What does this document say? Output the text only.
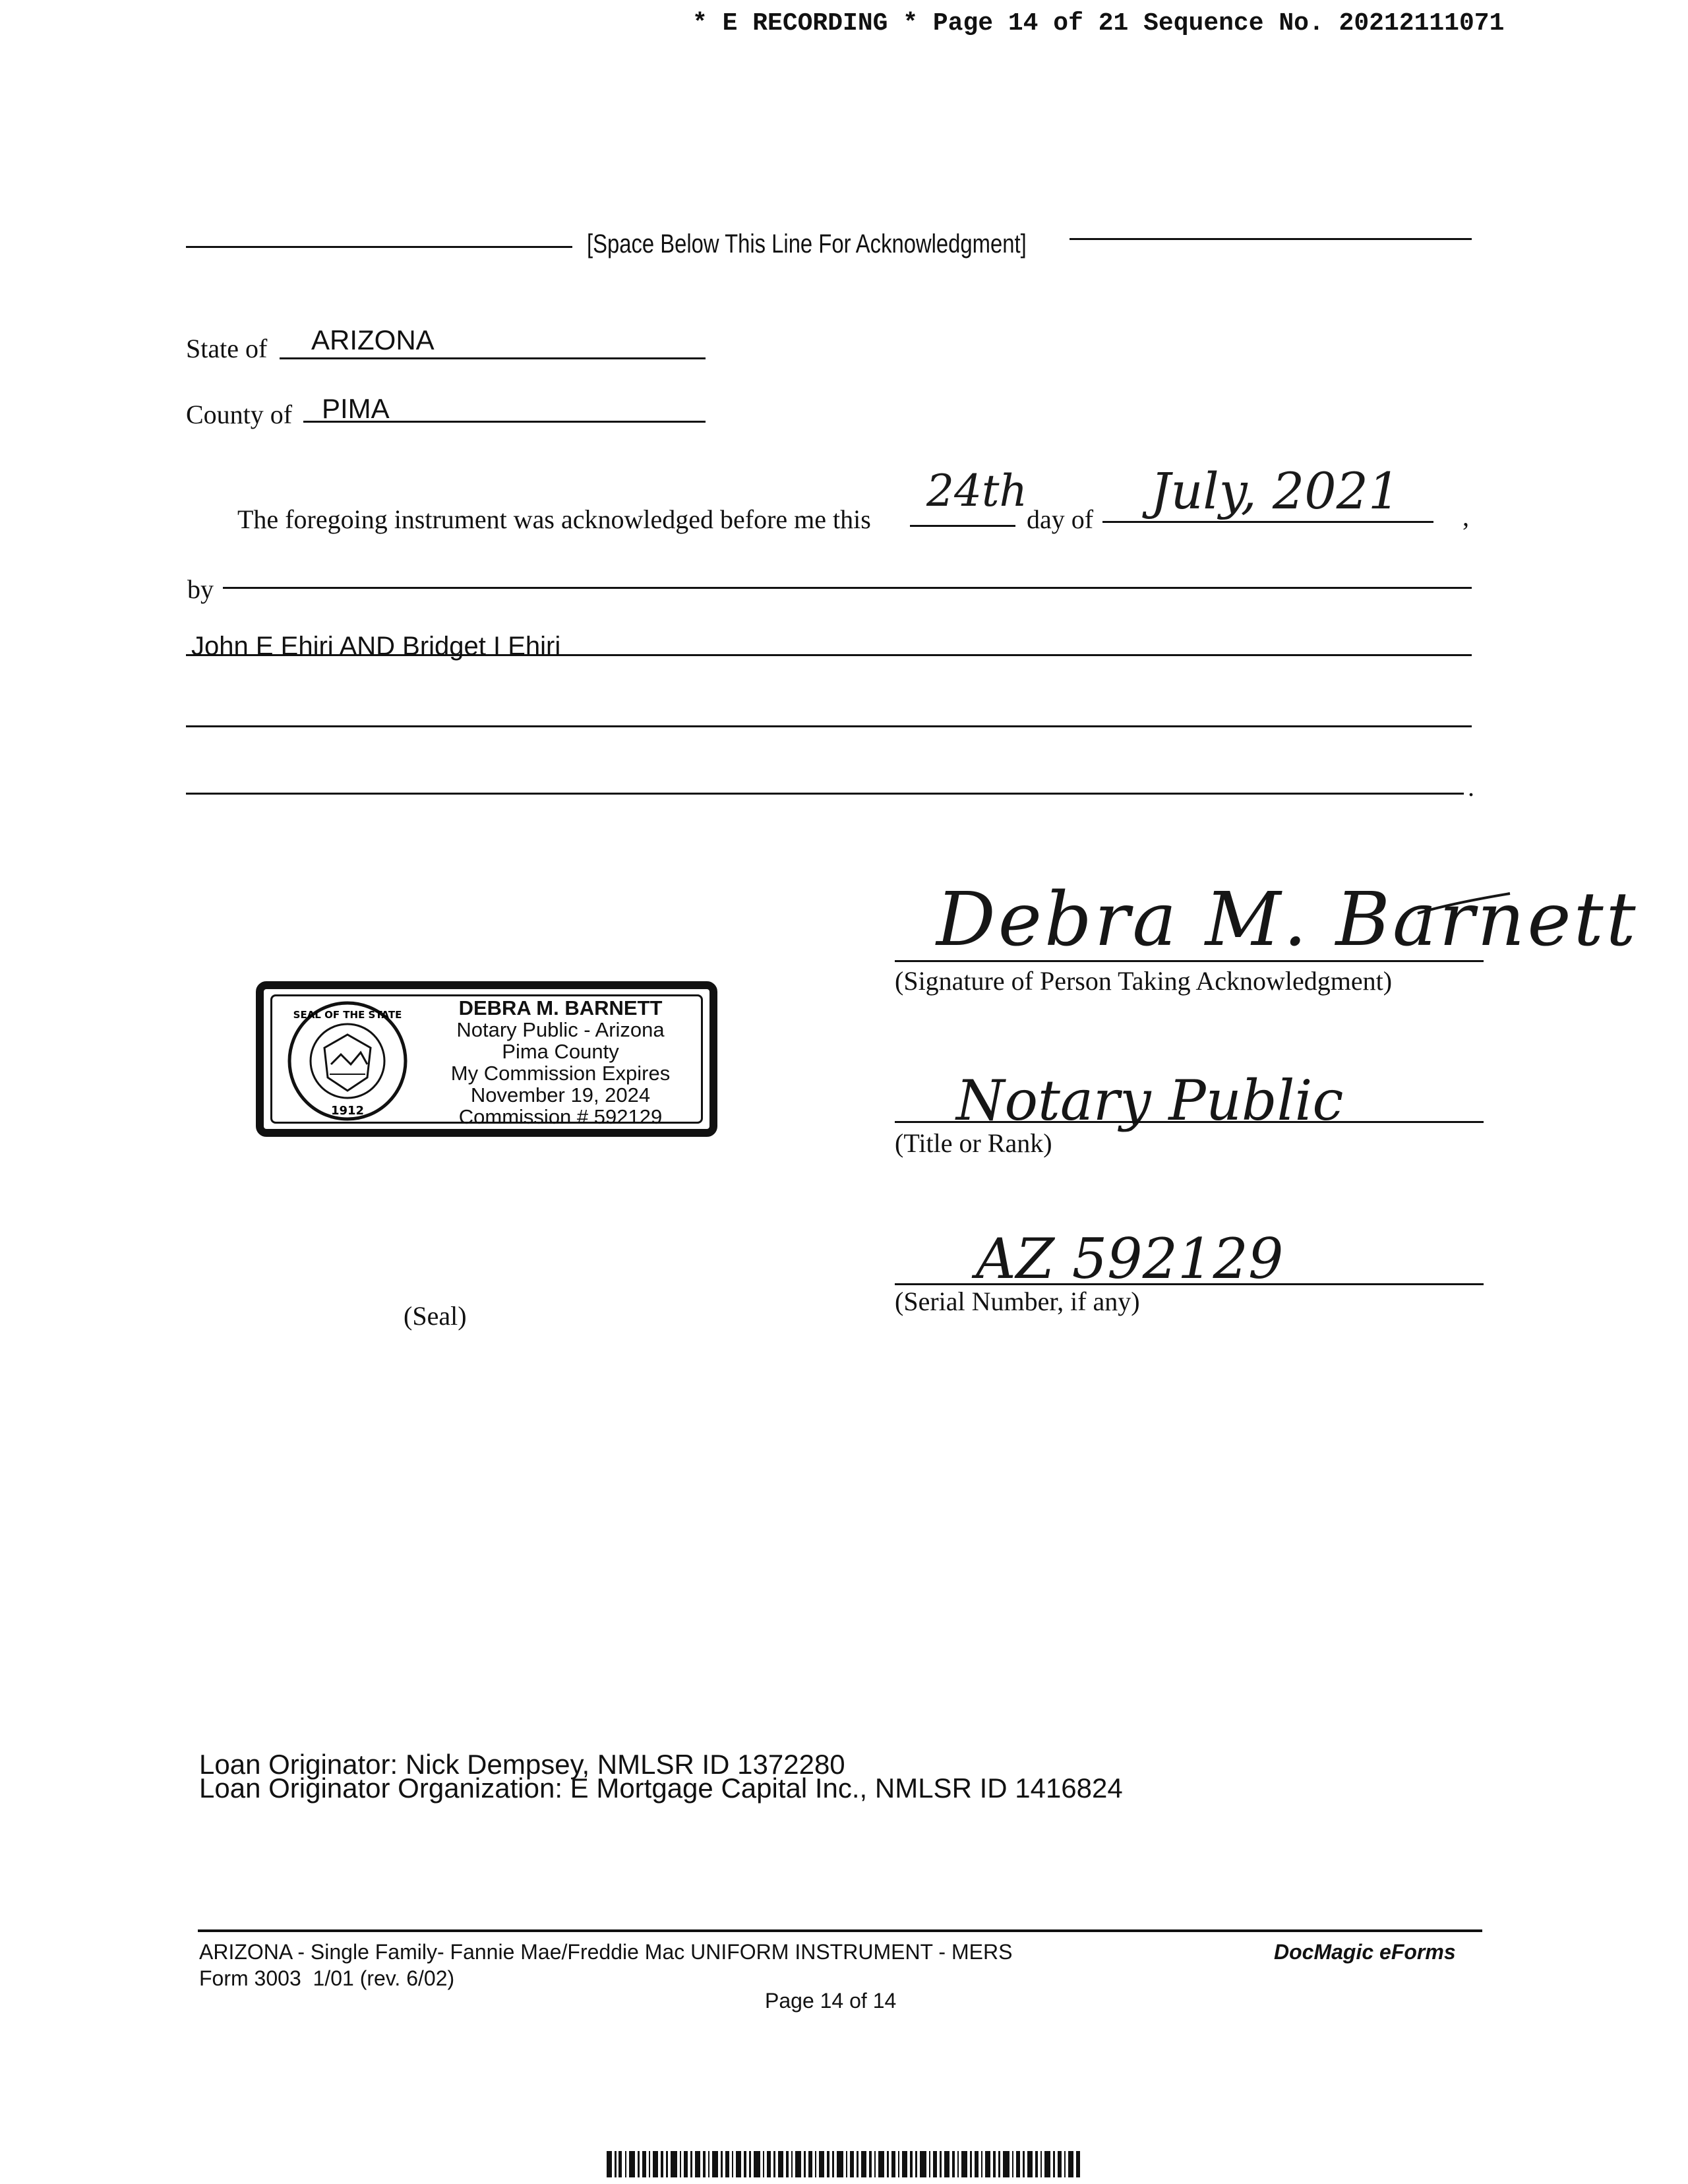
* E RECORDING * Page 14 of 21 Sequence No. 20212111071
[Space Below This Line For Acknowledgment]
State of ARIZONA
County of PIMA
The foregoing instrument was acknowledged before me this
24th
day of July, 2021 ,
by
John E Ehiri AND Bridget I Ehiri
.
Debra M. Barnett
(Signature of Person Taking Acknowledgment)
Notary Public
(Title or Rank)
AZ 592129
(Serial Number, if any)
SEAL OF THE STATE
1912
DEBRA M. BARNETT
Notary Public - Arizona
Pima County
My Commission Expires
November 19, 2024
Commission # 592129
(Seal)
Loan Originator: Nick Dempsey, NMLSR ID 1372280
Loan Originator Organization: E Mortgage Capital Inc., NMLSR ID 1416824
ARIZONA - Single Family- Fannie Mae/Freddie Mac UNIFORM INSTRUMENT - MERS
Form 3003  1/01 (rev. 6/02)
Page 14 of 14
DocMagic eForms
